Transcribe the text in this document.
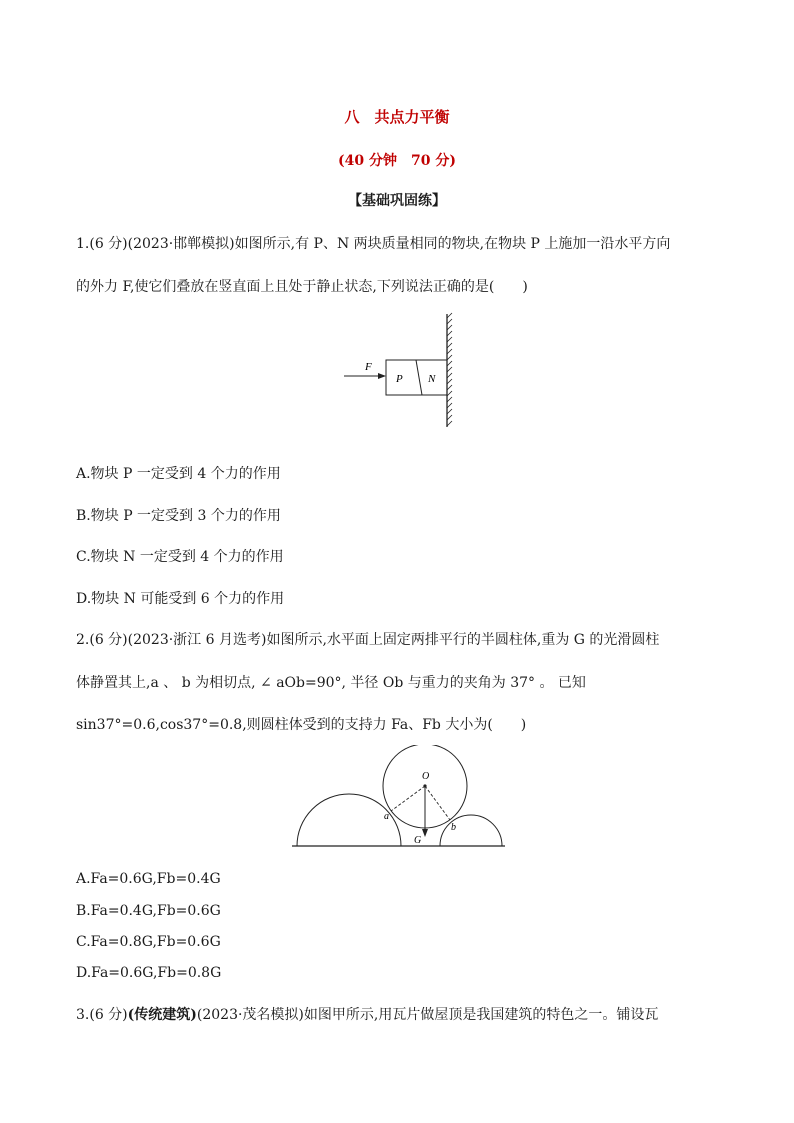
八　共点力平衡
(40 分钟　70 分)
【基础巩固练】
1.(6 分)(2023·邯郸模拟)如图所示,有 P、N 两块质量相同的物块,在物块 P 上施加一沿水平方向
的外力 F,使它们叠放在竖直面上且处于静止状态,下列说法正确的是(　　)
F
P N
A.物块 P 一定受到 4 个力的作用
B.物块 P 一定受到 3 个力的作用
C.物块 N 一定受到 4 个力的作用
D.物块 N 可能受到 6 个力的作用
2.(6 分)(2023·浙江 6 月选考)如图所示,水平面上固定两排平行的半圆柱体,重为 G 的光滑圆柱
体静置其上,a 、 b 为相切点, ∠ aOb=90°, 半径 Ob 与重力的夹角为 37° 。 已知
sin37°=0.6,cos37°=0.8,则圆柱体受到的支持力 Fa、Fb 大小为(　　)
O
a
b
G
A.Fa=0.6G,Fb=0.4G
B.Fa=0.4G,Fb=0.6G
C.Fa=0.8G,Fb=0.6G
D.Fa=0.6G,Fb=0.8G
3.(6 分)(传统建筑)(2023·茂名模拟)如图甲所示,用瓦片做屋顶是我国建筑的特色之一。铺设瓦
